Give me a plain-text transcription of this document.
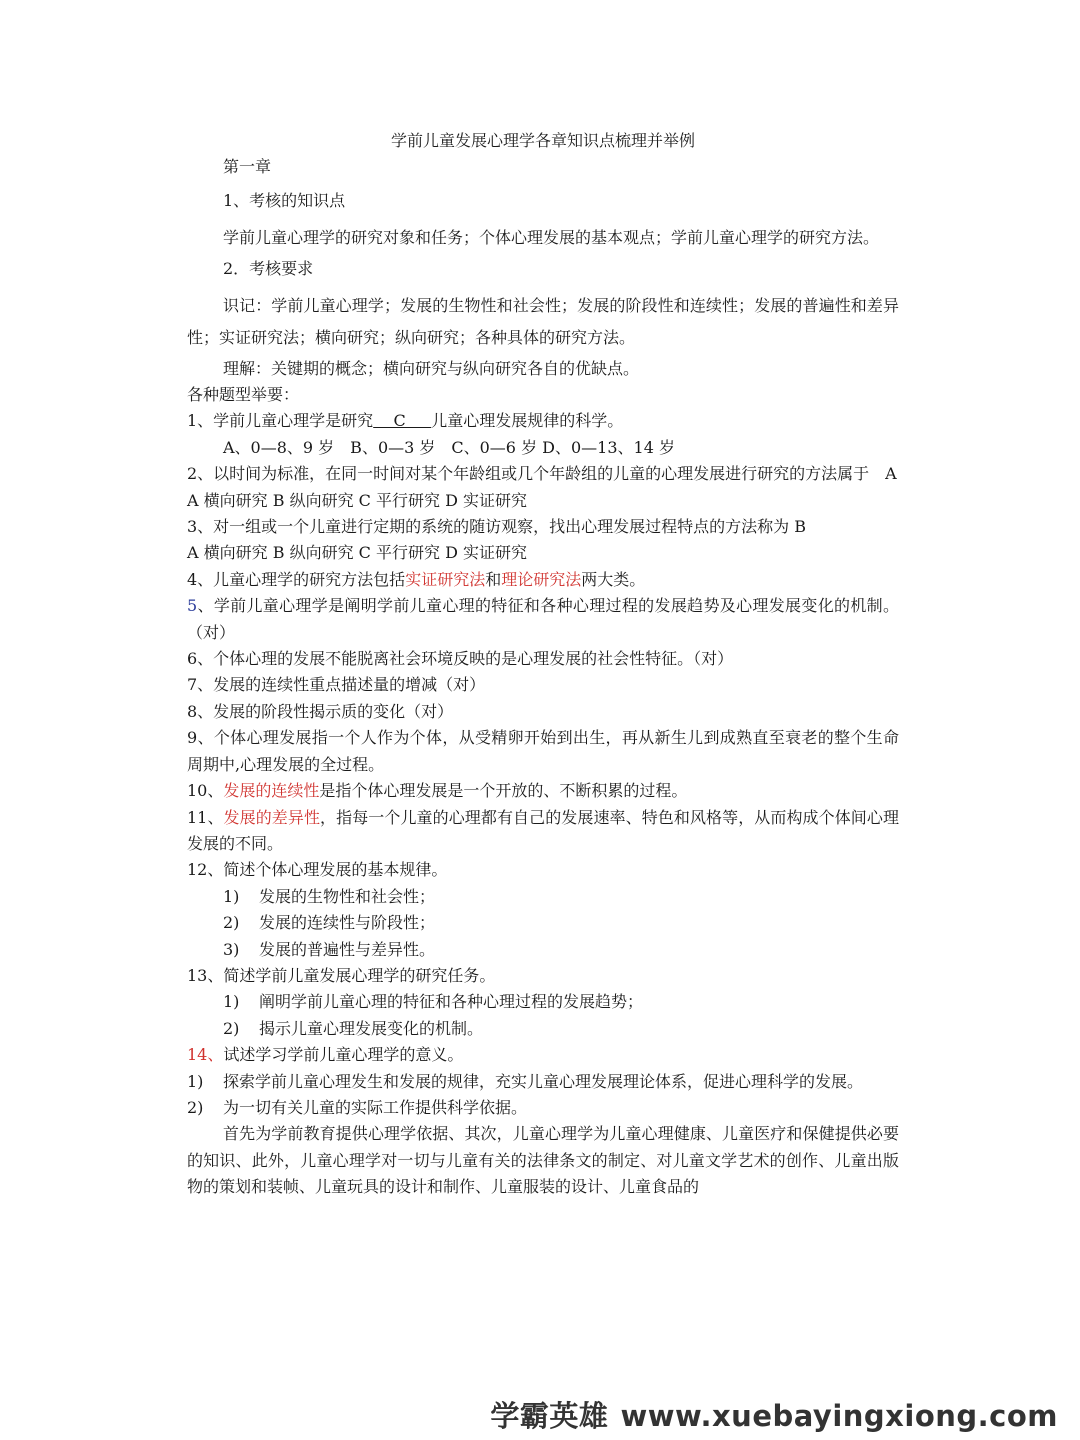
学前儿童发展心理学各章知识点梳理并举例
第一章
1、考核的知识点
学前儿童心理学的研究对象和任务；个体心理发展的基本观点；学前儿童心理学的研究方法。
2．考核要求
识记：学前儿童心理学；发展的生物性和社会性；发展的阶段性和连续性；发展的普遍性和差异性；实证研究法；横向研究；纵向研究；各种具体的研究方法。
理解：关键期的概念；横向研究与纵向研究各自的优缺点。
各种题型举要：
1、学前儿童心理学是研究    C     儿童心理发展规律的科学。
A、0—8、9 岁　B、0—3 岁　C、0—6 岁 D、0—13、14 岁
2、以时间为标准，在同一时间对某个年龄组或几个年龄组的儿童的心理发展进行研究的方法属于　A
A 横向研究 B 纵向研究 C 平行研究 D 实证研究
3、对一组或一个儿童进行定期的系统的随访观察，找出心理发展过程特点的方法称为 B
A 横向研究 B 纵向研究 C 平行研究 D 实证研究
4、儿童心理学的研究方法包括实证研究法和理论研究法两大类。
5、学前儿童心理学是阐明学前儿童心理的特征和各种心理过程的发展趋势及心理发展变化的机制。（对）
6、个体心理的发展不能脱离社会环境反映的是心理发展的社会性特征。（对）
7、发展的连续性重点描述量的增减（对）
8、发展的阶段性揭示质的变化（对）
9、个体心理发展指一个人作为个体，从受精卵开始到出生，再从新生儿到成熟直至衰老的整个生命周期中,心理发展的全过程。
10、发展的连续性是指个体心理发展是一个开放的、不断积累的过程。
11、发展的差异性，指每一个儿童的心理都有自己的发展速率、特色和风格等，从而构成个体间心理发展的不同。
12、简述个体心理发展的基本规律。
1)	发展的生物性和社会性；
2)	发展的连续性与阶段性；
3)	发展的普遍性与差异性。
13、简述学前儿童发展心理学的研究任务。
1)	阐明学前儿童心理的特征和各种心理过程的发展趋势；
2)	揭示儿童心理发展变化的机制。
14、试述学习学前儿童心理学的意义。
1)	探索学前儿童心理发生和发展的规律，充实儿童心理发展理论体系，促进心理科学的发展。
2)	为一切有关儿童的实际工作提供科学依据。
首先为学前教育提供心理学依据、其次，儿童心理学为儿童心理健康、儿童医疗和保健提供必要的知识、此外，儿童心理学对一切与儿童有关的法律条文的制定、对儿童文学艺术的创作、儿童出版物的策划和装帧、儿童玩具的设计和制作、儿童服装的设计、儿童食品的
学霸英雄 www.xuebayingxiong.com
